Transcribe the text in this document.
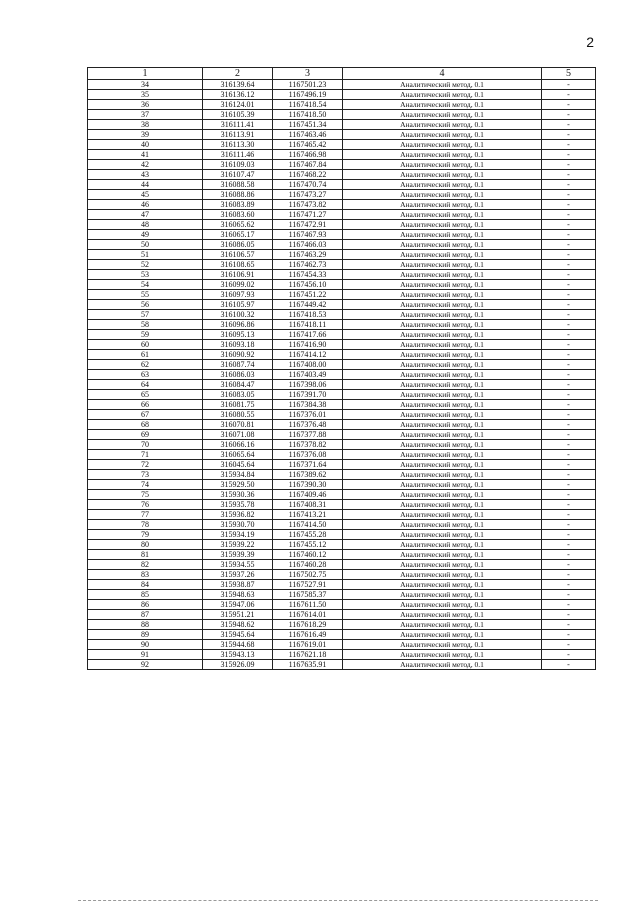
2
1	2	3	4	5
34	316139.64	1167501.23	Аналитический метод, 0.1	-
35	316136.12	1167496.19	Аналитический метод, 0.1	-
36	316124.01	1167418.54	Аналитический метод, 0.1	-
37	316105.39	1167418.50	Аналитический метод, 0.1	-
38	316111.41	1167451.34	Аналитический метод, 0.1	-
39	316113.91	1167463.46	Аналитический метод, 0.1	-
40	316113.30	1167465.42	Аналитический метод, 0.1	-
41	316111.46	1167466.98	Аналитический метод, 0.1	-
42	316109.03	1167467.84	Аналитический метод, 0.1	-
43	316107.47	1167468.22	Аналитический метод, 0.1	-
44	316088.58	1167470.74	Аналитический метод, 0.1	-
45	316088.86	1167473.27	Аналитический метод, 0.1	-
46	316083.89	1167473.82	Аналитический метод, 0.1	-
47	316083.60	1167471.27	Аналитический метод, 0.1	-
48	316065.62	1167472.91	Аналитический метод, 0.1	-
49	316065.17	1167467.93	Аналитический метод, 0.1	-
50	316086.05	1167466.03	Аналитический метод, 0.1	-
51	316106.57	1167463.29	Аналитический метод, 0.1	-
52	316108.65	1167462.73	Аналитический метод, 0.1	-
53	316106.91	1167454.33	Аналитический метод, 0.1	-
54	316099.02	1167456.10	Аналитический метод, 0.1	-
55	316097.93	1167451.22	Аналитический метод, 0.1	-
56	316105.97	1167449.42	Аналитический метод, 0.1	-
57	316100.32	1167418.53	Аналитический метод, 0.1	-
58	316096.86	1167418.11	Аналитический метод, 0.1	-
59	316095.13	1167417.66	Аналитический метод, 0.1	-
60	316093.18	1167416.90	Аналитический метод, 0.1	-
61	316090.92	1167414.12	Аналитический метод, 0.1	-
62	316087.74	1167408.00	Аналитический метод, 0.1	-
63	316086.03	1167403.49	Аналитический метод, 0.1	-
64	316084.47	1167398.06	Аналитический метод, 0.1	-
65	316083.05	1167391.70	Аналитический метод, 0.1	-
66	316081.75	1167384.38	Аналитический метод, 0.1	-
67	316080.55	1167376.01	Аналитический метод, 0.1	-
68	316070.81	1167376.48	Аналитический метод, 0.1	-
69	316071.08	1167377.88	Аналитический метод, 0.1	-
70	316066.16	1167378.82	Аналитический метод, 0.1	-
71	316065.64	1167376.08	Аналитический метод, 0.1	-
72	316045.64	1167371.64	Аналитический метод, 0.1	-
73	315934.84	1167389.62	Аналитический метод, 0.1	-
74	315929.50	1167390.30	Аналитический метод, 0.1	-
75	315930.36	1167409.46	Аналитический метод, 0.1	-
76	315935.78	1167408.31	Аналитический метод, 0.1	-
77	315936.82	1167413.21	Аналитический метод, 0.1	-
78	315930.70	1167414.50	Аналитический метод, 0.1	-
79	315934.19	1167455.28	Аналитический метод, 0.1	-
80	315939.22	1167455.12	Аналитический метод, 0.1	-
81	315939.39	1167460.12	Аналитический метод, 0.1	-
82	315934.55	1167460.28	Аналитический метод, 0.1	-
83	315937.26	1167502.75	Аналитический метод, 0.1	-
84	315938.87	1167527.91	Аналитический метод, 0.1	-
85	315948.63	1167585.37	Аналитический метод, 0.1	-
86	315947.06	1167611.50	Аналитический метод, 0.1	-
87	315951.21	1167614.01	Аналитический метод, 0.1	-
88	315948.62	1167618.29	Аналитический метод, 0.1	-
89	315945.64	1167616.49	Аналитический метод, 0.1	-
90	315944.68	1167619.01	Аналитический метод, 0.1	-
91	315943.13	1167621.18	Аналитический метод, 0.1	-
92	315926.09	1167635.91	Аналитический метод, 0.1	-
